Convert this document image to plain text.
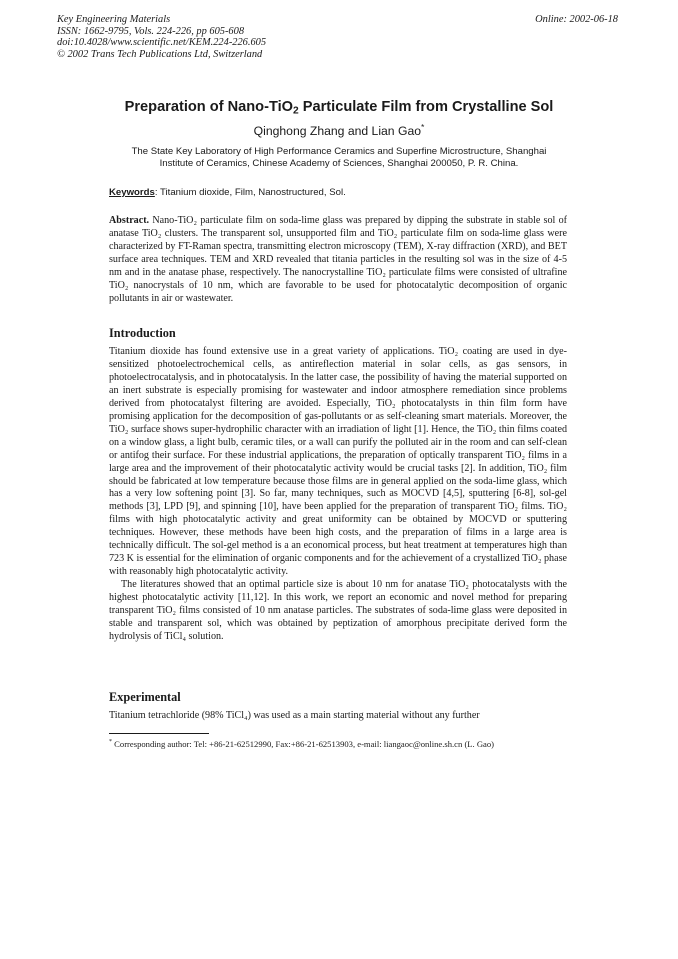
Key Engineering Materials
ISSN: 1662-9795, Vols. 224-226, pp 605-608
doi:10.4028/www.scientific.net/KEM.224-226.605
© 2002 Trans Tech Publications Ltd, Switzerland
Online: 2002-06-18
Preparation of Nano-TiO$_2$ Particulate Film from Crystalline Sol
Qinghong Zhang and Lian Gao*
The State Key Laboratory of High Performance Ceramics and Superfine Microstructure, Shanghai
Institute of Ceramics, Chinese Academy of Sciences, Shanghai 200050, P. R. China.
Keywords: Titanium dioxide, Film, Nanostructured, Sol.
Abstract. Nano-TiO₂ particulate film on soda-lime glass was prepared by dipping the substrate in stable sol of anatase TiO₂ clusters. The transparent sol, unsupported film and TiO₂ particulate film on soda-lime glass were characterized by FT-Raman spectra, transmitting electron microscopy (TEM), X-ray diffraction (XRD), and BET surface area techniques. TEM and XRD revealed that titania particles in the resulting sol was in the size of 4-5 nm and in the anatase phase, respectively. The nanocrystalline TiO₂ particulate films were consisted of ultrafine TiO₂ nanocrystals of 10 nm, which are favorable to be used for photocatalytic decomposition of organic pollutants in air or wastewater.
Introduction

Titanium dioxide has found extensive use in a great variety of applications. TiO₂ coating are used in dye-sensitized photoelectrochemical cells, as antireflection material in solar cells, as gas sensors, in photoelectrocatalysis, and in photocatalysis. In the latter case, the possibility of having the material supported on an inert substrate is especially promising for wastewater and indoor atmosphere remediation since problems derived from photocatalyst filtering are avoided. Especially, TiO₂ photocatalysts in thin film form have promising application for the decomposition of gas-pollutants or as self-cleaning smart materials. Moreover, the TiO₂ surface shows super-hydrophilic character with an irradiation of light [1]. Hence, the TiO₂ thin films coated on a window glass, a light bulb, ceramic tiles, or a wall can purify the polluted air in the room and can self-clean or antifog their surface. For these industrial applications, the preparation of optically transparent TiO₂ films in a large area and the improvement of their photocatalytic activity would be crucial tasks [2]. In addition, TiO₂ film should be fabricated at low temperature because those films are in general applied on the soda-lime glass, which has a very low softening point [3]. So far, many techniques, such as MOCVD [4,5], sputtering [6-8], sol-gel methods [3], LPD [9], and spinning [10], have been applied for the preparation of transparent TiO₂ films. TiO₂ films with high photocatalytic activity and great uniformity can be obtained by MOCVD or sputtering techniques. However, these methods have been high costs, and the preparation of films in a large area is technically difficult. The sol-gel method is a an economical process, but heat treatment at temperatures high than 723 K is essential for the elimination of organic components and for the achievement of a crystallized TiO₂ phase with reasonably high photocatalytic activity.

The literatures showed that an optimal particle size is about 10 nm for anatase TiO₂ photocatalysts with the highest photocatalytic activity [11,12]. In this work, we report an economic and novel method for preparing transparent TiO₂ films consisted of 10 nm anatase particles. The substrates of soda-lime glass were deposited in stable and transparent sol, which was obtained by peptization of amorphous precipitate derived form the hydrolysis of TiCl₄ solution.

Experimental
Titanium tetrachloride (98% TiCl₄) was used as a main starting material without any further
* Corresponding author: Tel: +86-21-62512990, Fax:+86-21-62513903, e-mail: liangaoc@online.sh.cn (L. Gao)
